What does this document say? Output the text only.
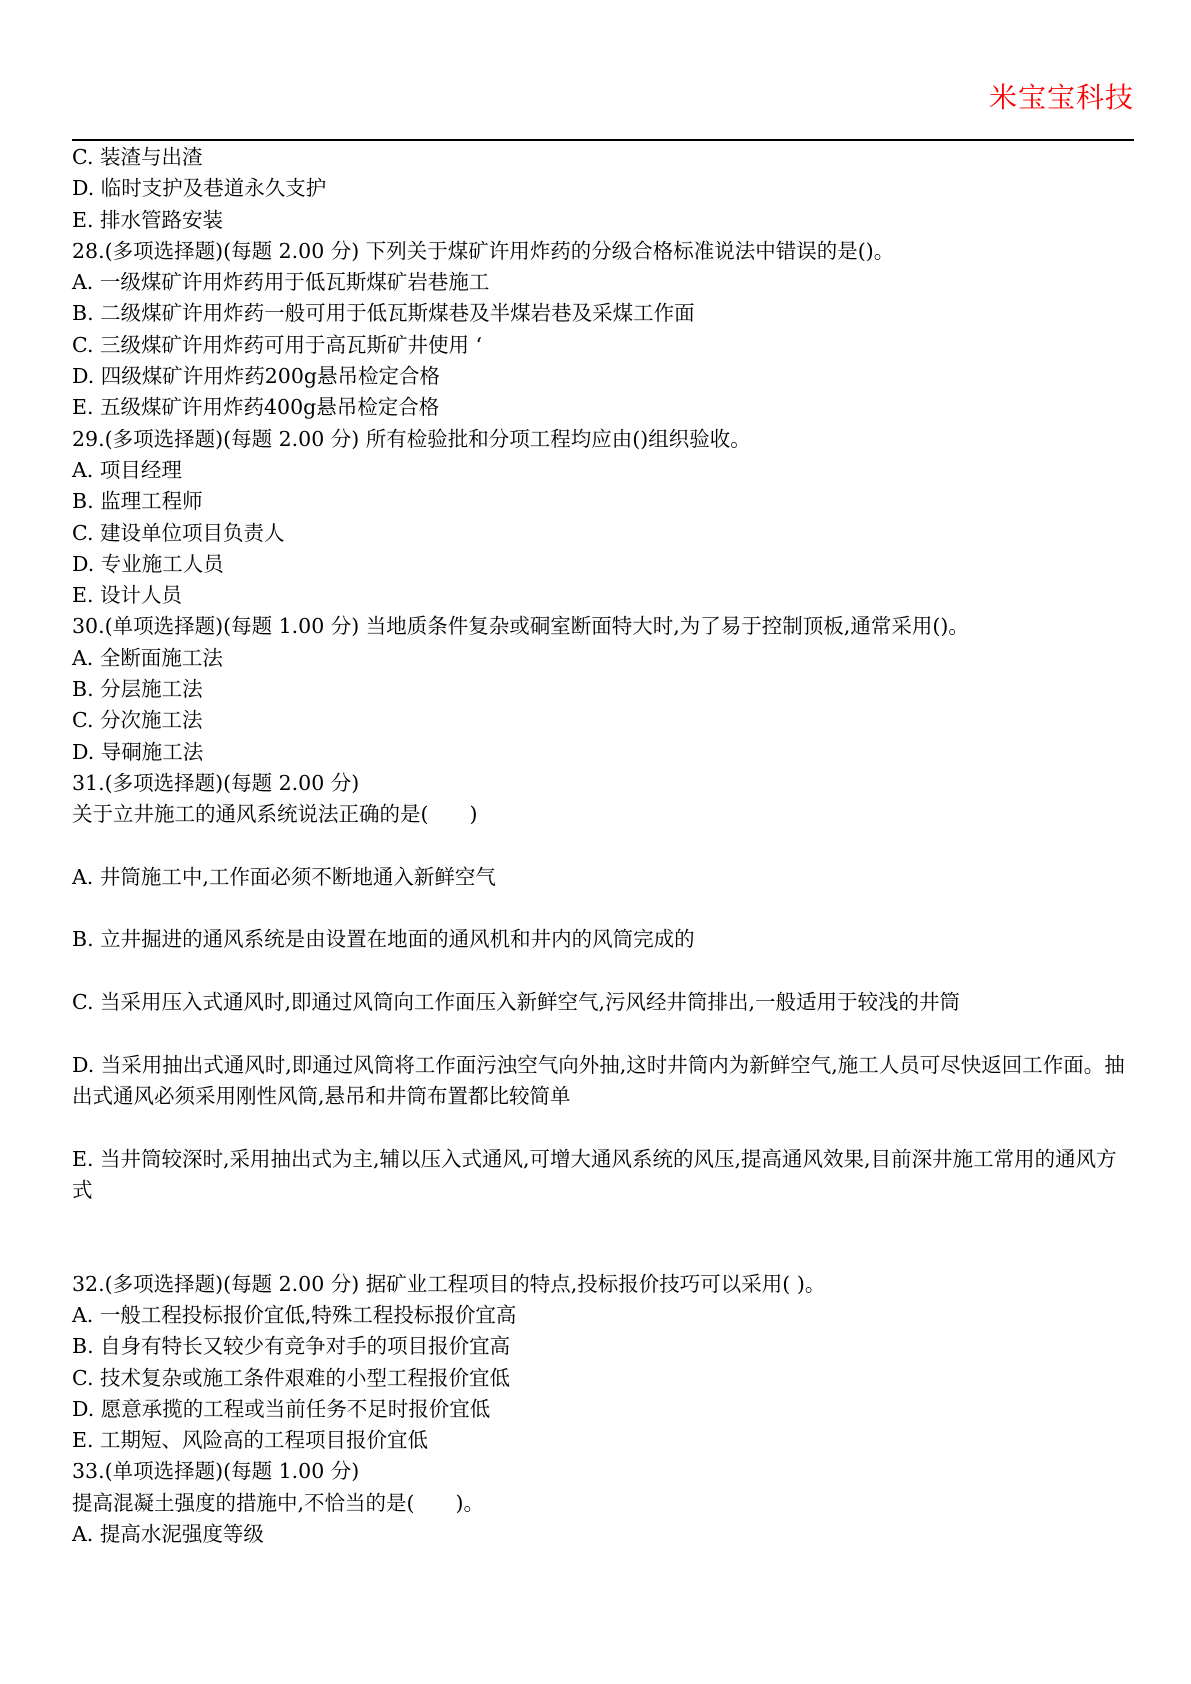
米宝宝科技
C. 装渣与出渣
D. 临时支护及巷道永久支护
E. 排水管路安装
28.(多项选择题)(每题 2.00 分) 下列关于煤矿许用炸药的分级合格标准说法中错误的是()。
A. 一级煤矿许用炸药用于低瓦斯煤矿岩巷施工
B. 二级煤矿许用炸药一般可用于低瓦斯煤巷及半煤岩巷及采煤工作面
C. 三级煤矿许用炸药可用于高瓦斯矿井使用 ‘
D. 四级煤矿许用炸药200g悬吊检定合格
E. 五级煤矿许用炸药400g悬吊检定合格
29.(多项选择题)(每题 2.00 分) 所有检验批和分项工程均应由()组织验收。
A. 项目经理
B. 监理工程师
C. 建设单位项目负责人
D. 专业施工人员
E. 设计人员
30.(单项选择题)(每题 1.00 分) 当地质条件复杂或硐室断面特大时,为了易于控制顶板,通常采用()。
A. 全断面施工法
B. 分层施工法
C. 分次施工法
D. 导硐施工法
31.(多项选择题)(每题 2.00 分)
关于立井施工的通风系统说法正确的是(　　)
A. 井筒施工中,工作面必须不断地通入新鲜空气
B. 立井掘进的通风系统是由设置在地面的通风机和井内的风筒完成的
C. 当采用压入式通风时,即通过风筒向工作面压入新鲜空气,污风经井筒排出,一般适用于较浅的井筒
D. 当采用抽出式通风时,即通过风筒将工作面污浊空气向外抽,这时井筒内为新鲜空气,施工人员可尽快返回工作面。抽出式通风必须采用刚性风筒,悬吊和井筒布置都比较简单
E. 当井筒较深时,采用抽出式为主,辅以压入式通风,可增大通风系统的风压,提高通风效果,目前深井施工常用的通风方式
32.(多项选择题)(每题 2.00 分) 据矿业工程项目的特点,投标报价技巧可以采用( )。
A. 一般工程投标报价宜低,特殊工程投标报价宜高
B. 自身有特长又较少有竞争对手的项目报价宜高
C. 技术复杂或施工条件艰难的小型工程报价宜低
D. 愿意承揽的工程或当前任务不足时报价宜低
E. 工期短、风险高的工程项目报价宜低
33.(单项选择题)(每题 1.00 分)
提高混凝土强度的措施中,不恰当的是(　　)。
A. 提高水泥强度等级
